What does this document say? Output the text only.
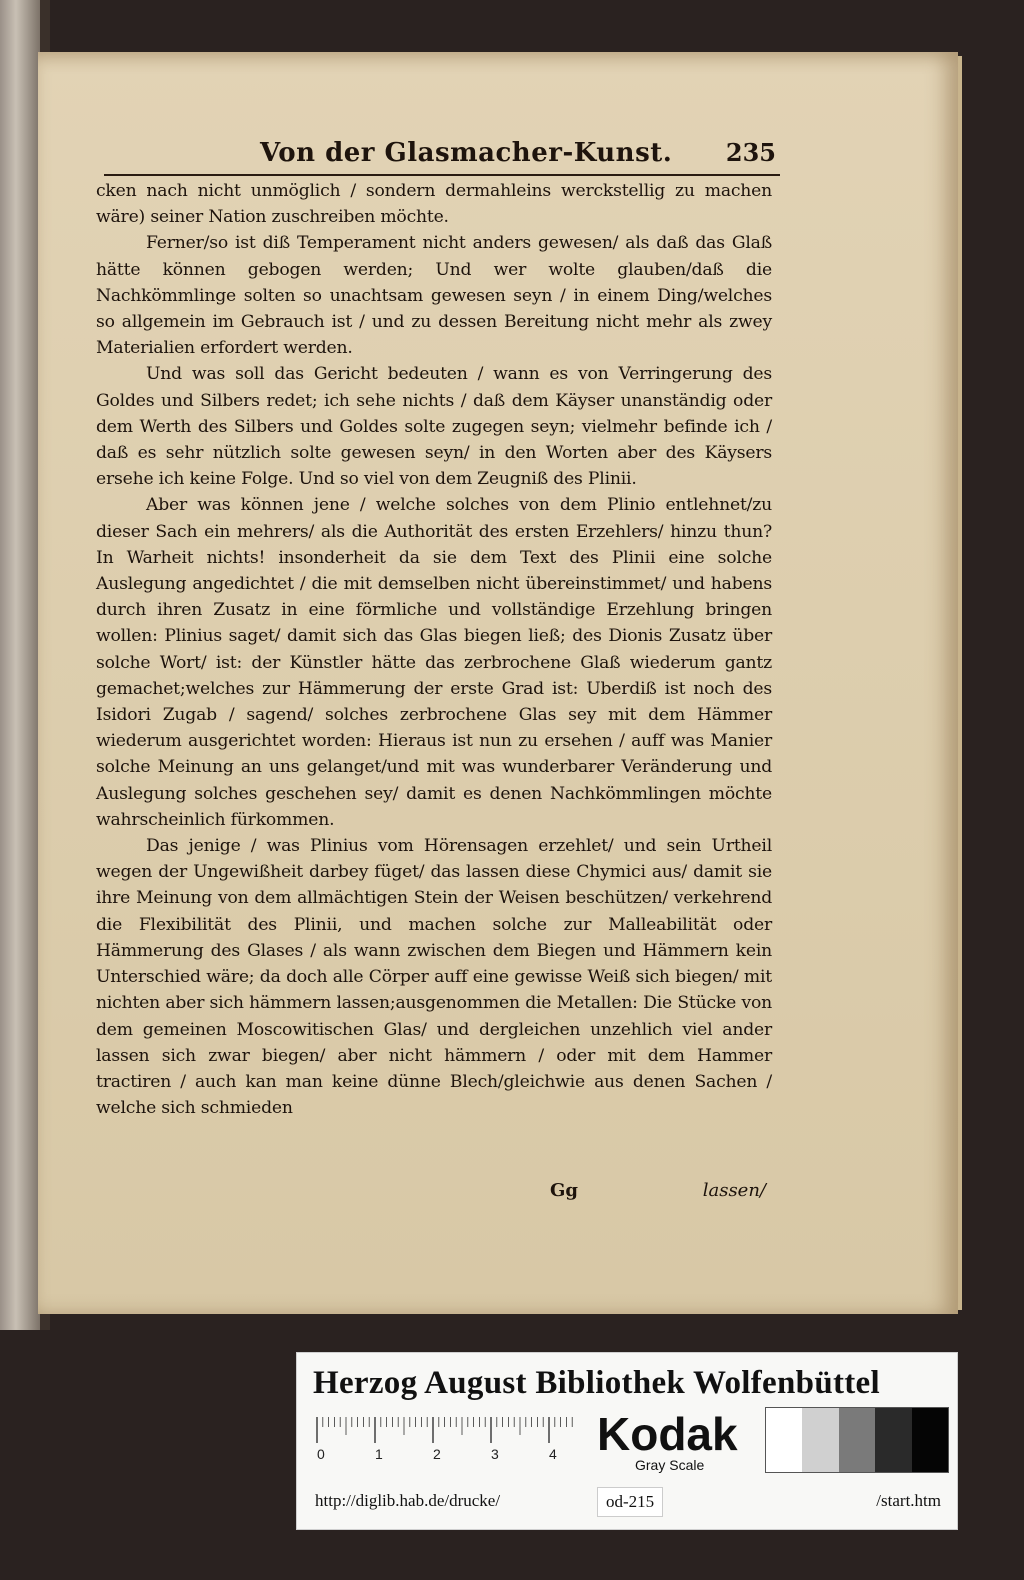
Von der Glasmacher-Kunst. 235

cken nach nicht unmöglich / sondern dermahleins werckstellig zu machen wäre) seiner Nation zuschreiben möchte.

Ferner/so ist diß Temperament nicht anders gewesen/ als daß das Glaß hätte können gebogen werden; Und wer wolte glauben/daß die Nachkömmlinge solten so unachtsam gewesen seyn / in einem Ding/welches so allgemein im Gebrauch ist / und zu dessen Bereitung nicht mehr als zwey Materialien erfordert werden.

Und was soll das Gericht bedeuten / wann es von Verringerung des Goldes und Silbers redet; ich sehe nichts / daß dem Käyser unanständig oder dem Werth des Silbers und Goldes solte zugegen seyn; vielmehr befinde ich / daß es sehr nützlich solte gewesen seyn/ in den Worten aber des Käysers ersehe ich keine Folge. Und so viel von dem Zeugniß des Plinii.

Aber was können jene / welche solches von dem Plinio entlehnet/zu dieser Sach ein mehrers/ als die Authorität des ersten Erzehlers/ hinzu thun? In Warheit nichts! insonderheit da sie dem Text des Plinii eine solche Auslegung angedichtet / die mit demselben nicht übereinstimmet/ und habens durch ihren Zusatz in eine förmliche und vollständige Erzehlung bringen wollen: Plinius saget/ damit sich das Glas biegen ließ; des Dionis Zusatz über solche Wort/ ist: der Künstler hätte das zerbrochene Glaß wiederum gantz gemachet;welches zur Hämmerung der erste Grad ist: Uberdiß ist noch des Isidori Zugab / sagend/ solches zerbrochene Glas sey mit dem Hämmer wiederum ausgerichtet worden: Hieraus ist nun zu ersehen / auff was Manier solche Meinung an uns gelanget/und mit was wunderbarer Veränderung und Auslegung solches geschehen sey/ damit es denen Nachkömmlingen möchte wahrscheinlich fürkommen.

Das jenige / was Plinius vom Hörensagen erzehlet/ und sein Urtheil wegen der Ungewißheit darbey füget/ das lassen diese Chymici aus/ damit sie ihre Meinung von dem allmächtigen Stein der Weisen beschützen/ verkehrend die Flexibilität des Plinii, und machen solche zur Malleabilität oder Hämmerung des Glases / als wann zwischen dem Biegen und Hämmern kein Unterschied wäre; da doch alle Cörper auff eine gewisse Weiß sich biegen/ mit nichten aber sich hämmern lassen;ausgenommen die Metallen: Die Stücke von dem gemeinen Moscowitischen Glas/ und dergleichen unzehlich viel ander lassen sich zwar biegen/ aber nicht hämmern / oder mit dem Hammer tractiren / auch kan man keine dünne Blech/gleichwie aus denen Sachen / welche sich schmieden

Gg	lassen/
Herzog August Bibliothek Wolfenbüttel
0	1	2	3	4 Kodak
Gray Scale
http://diglib.hab.de/drucke/	od-215	/start.htm
